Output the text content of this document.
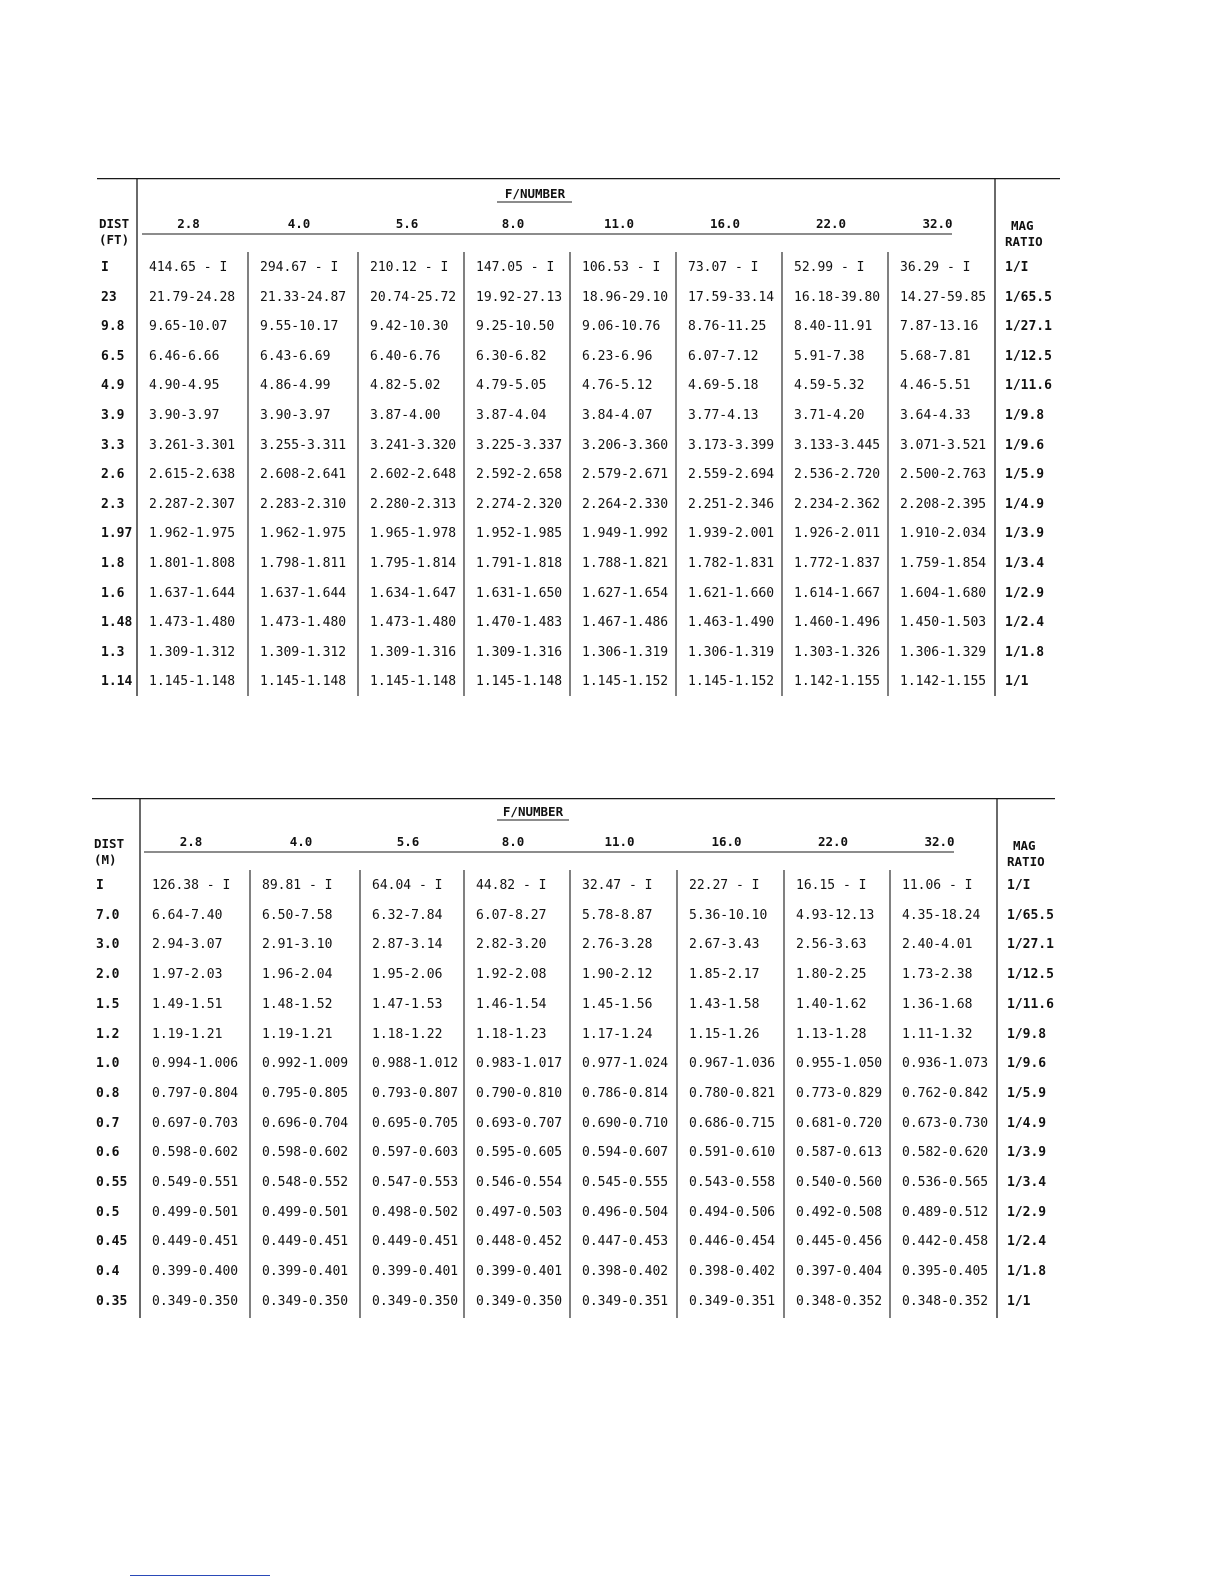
F/NUMBER
DIST
(FT)
MAG
RATIO
2.8	4.0	5.6	8.0	11.0	16.0	22.0	32.0
I	414.65 - I	294.67 - I 210.12 - I 147.05 - I 106.53 - I 73.07 - I	52.99 - I	36.29 - I	1/I
23 21.79-24.28 21.33-24.87 20.74-25.72 19.92-27.13 18.96-29.10 17.59-33.14 16.18-39.80 14.27-59.85 1/65.5
9.8 9.65-10.07	9.55-10.17 9.42-10.30 9.25-10.50 9.06-10.76 8.76-11.25 8.40-11.91 7.87-13.16 1/27.1
6.5 6.46-6.66	6.43-6.69	6.40-6.76	6.30-6.82	6.23-6.96	6.07-7.12	5.91-7.38	5.68-7.81	1/12.5
4.9 4.90-4.95	4.86-4.99	4.82-5.02	4.79-5.05	4.76-5.12	4.69-5.18	4.59-5.32	4.46-5.51	1/11.6
3.9 3.90-3.97	3.90-3.97	3.87-4.00	3.87-4.04	3.84-4.07	3.77-4.13	3.71-4.20	3.64-4.33	1/9.8
3.3 3.261-3.301 3.255-3.311 3.241-3.320 3.225-3.337 3.206-3.360 3.173-3.399 3.133-3.445 3.071-3.521 1/9.6
2.6 2.615-2.638 2.608-2.641 2.602-2.648 2.592-2.658 2.579-2.671 2.559-2.694 2.536-2.720 2.500-2.763 1/5.9
2.3 2.287-2.307 2.283-2.310 2.280-2.313 2.274-2.320 2.264-2.330 2.251-2.346 2.234-2.362 2.208-2.395 1/4.9
1.97 1.962-1.975 1.962-1.975 1.965-1.978 1.952-1.985 1.949-1.992 1.939-2.001 1.926-2.011 1.910-2.034 1/3.9
1.8 1.801-1.808 1.798-1.811 1.795-1.814 1.791-1.818 1.788-1.821 1.782-1.831 1.772-1.837 1.759-1.854 1/3.4
1.6 1.637-1.644 1.637-1.644 1.634-1.647 1.631-1.650 1.627-1.654 1.621-1.660 1.614-1.667 1.604-1.680 1/2.9
1.48 1.473-1.480 1.473-1.480 1.473-1.480 1.470-1.483 1.467-1.486 1.463-1.490 1.460-1.496 1.450-1.503 1/2.4
1.3 1.309-1.312 1.309-1.312 1.309-1.316 1.309-1.316 1.306-1.319 1.306-1.319 1.303-1.326 1.306-1.329 1/1.8
1.14 1.145-1.148 1.145-1.148 1.145-1.148 1.145-1.148 1.145-1.152 1.145-1.152 1.142-1.155 1.142-1.155 1/1
F/NUMBER
DIST
(M)
MAG
RATIO
2.8	4.0	5.6	8.0	11.0	16.0	22.0	32.0
I	126.38 - I 89.81 - I	64.04 - I	44.82 - I	32.47 - I	22.27 - I	16.15 - I	11.06 - I	1/I
7.0	6.64-7.40	6.50-7.58	6.32-7.84	6.07-8.27	5.78-8.87	5.36-10.10 4.93-12.13 4.35-18.24 1/65.5
3.0	2.94-3.07	2.91-3.10	2.87-3.14	2.82-3.20	2.76-3.28	2.67-3.43	2.56-3.63	2.40-4.01	1/27.1
2.0	1.97-2.03	1.96-2.04	1.95-2.06	1.92-2.08	1.90-2.12	1.85-2.17	1.80-2.25	1.73-2.38	1/12.5
1.5	1.49-1.51	1.48-1.52	1.47-1.53	1.46-1.54	1.45-1.56	1.43-1.58	1.40-1.62	1.36-1.68	1/11.6
1.2	1.19-1.21	1.19-1.21	1.18-1.22	1.18-1.23	1.17-1.24	1.15-1.26	1.13-1.28	1.11-1.32	1/9.8
1.0	0.994-1.006 0.992-1.009 0.988-1.012 0.983-1.017 0.977-1.024 0.967-1.036 0.955-1.050 0.936-1.073 1/9.6
0.8	0.797-0.804 0.795-0.805 0.793-0.807 0.790-0.810 0.786-0.814 0.780-0.821 0.773-0.829 0.762-0.842 1/5.9
0.7	0.697-0.703 0.696-0.704 0.695-0.705 0.693-0.707 0.690-0.710 0.686-0.715 0.681-0.720 0.673-0.730 1/4.9
0.6	0.598-0.602 0.598-0.602 0.597-0.603 0.595-0.605 0.594-0.607 0.591-0.610 0.587-0.613 0.582-0.620 1/3.9
0.55 0.549-0.551 0.548-0.552 0.547-0.553 0.546-0.554 0.545-0.555 0.543-0.558 0.540-0.560 0.536-0.565 1/3.4
0.5	0.499-0.501 0.499-0.501 0.498-0.502 0.497-0.503 0.496-0.504 0.494-0.506 0.492-0.508 0.489-0.512 1/2.9
0.45 0.449-0.451 0.449-0.451 0.449-0.451 0.448-0.452 0.447-0.453 0.446-0.454 0.445-0.456 0.442-0.458 1/2.4
0.4	0.399-0.400 0.399-0.401 0.399-0.401 0.399-0.401 0.398-0.402 0.398-0.402 0.397-0.404 0.395-0.405 1/1.8
0.35 0.349-0.350 0.349-0.350 0.349-0.350 0.349-0.350 0.349-0.351 0.349-0.351 0.348-0.352 0.348-0.352 1/1
